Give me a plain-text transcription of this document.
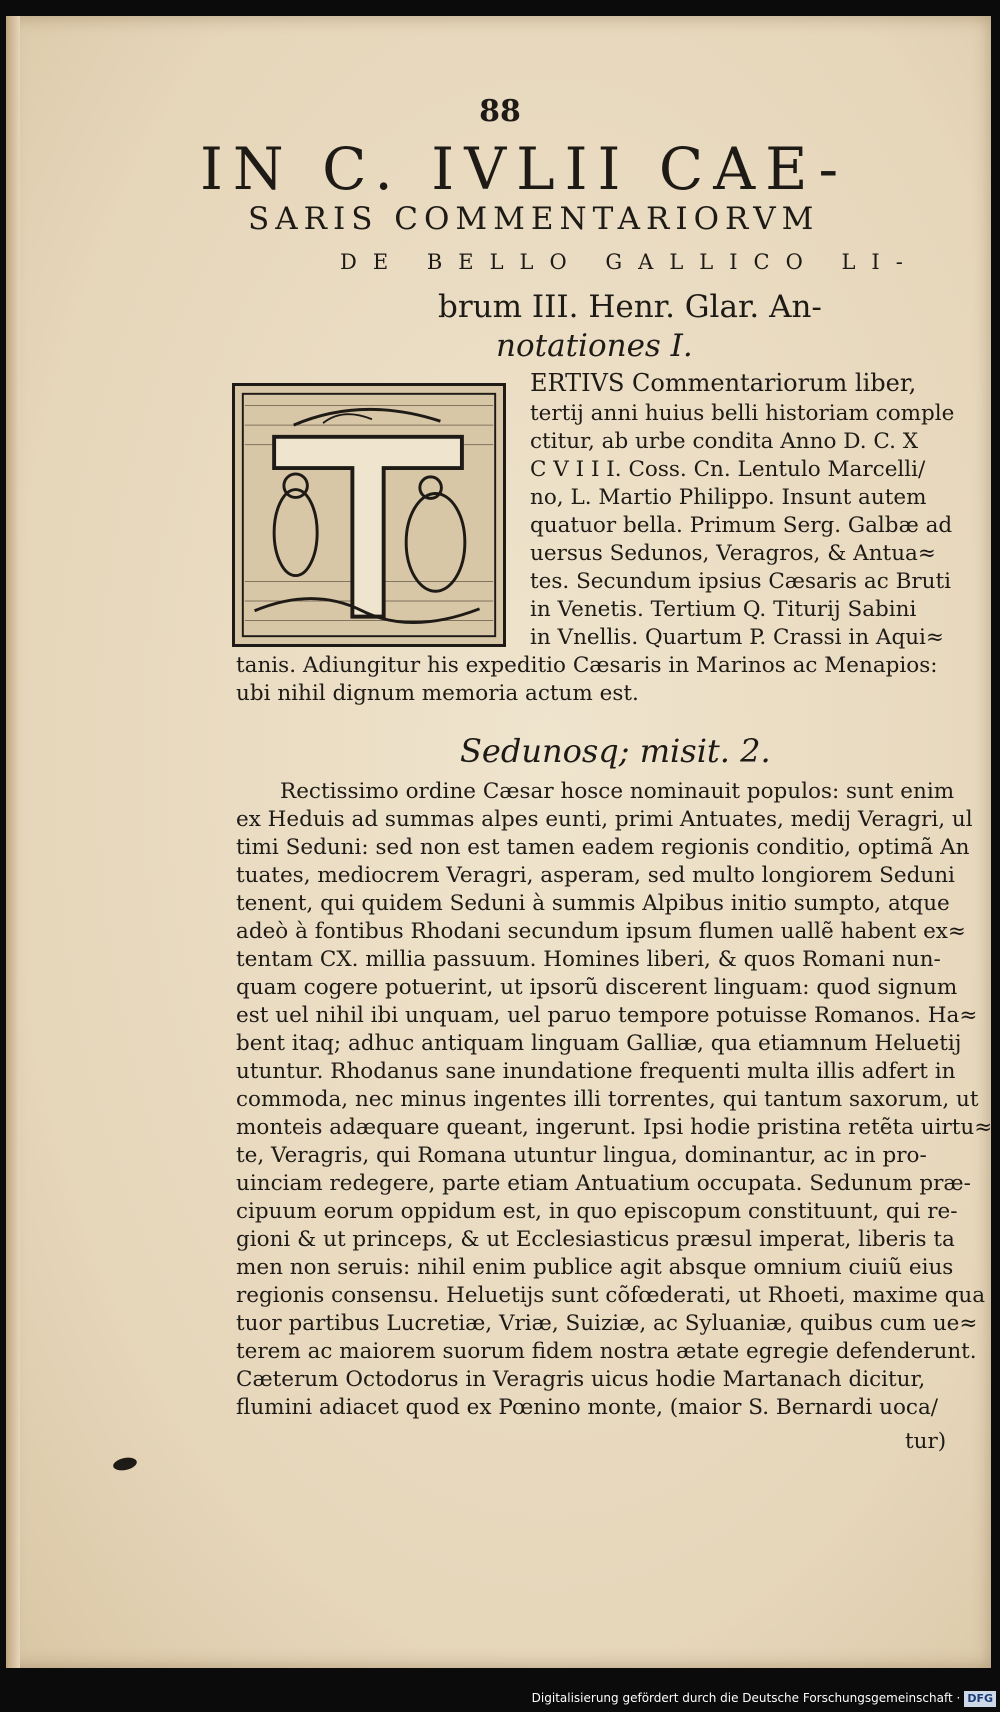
88
IN C. IVLII CAE-
SARIS COMMENTARIORVM
DE BELLO GALLICO LI-
brum III. Henr. Glar. An-
notationes I.
ERTIVS Commentariorum liber,
tertij anni huius belli historiam comple
ctitur, ab urbe condita Anno D. C. X
C V I I I. Coss. Cn. Lentulo Marcelli/
no, L. Martio Philippo. Insunt autem
quatuor bella. Primum Serg. Galbæ ad
uersus Sedunos, Veragros, & Antua≈
tes. Secundum ipsius Cæsaris ac Bruti
in Venetis. Tertium Q. Titurij Sabini
in Vnellis. Quartum P. Crassi in Aqui≈
tanis. Adiungitur his expeditio Cæsaris in Marinos ac Menapios:
ubi nihil dignum memoria actum est.
Sedunosq; misit. 2.
Rectissimo ordine Cæsar hosce nominauit populos: sunt enim
ex Heduis ad summas alpes eunti, primi Antuates, medij Veragri, ul
timi Seduni: sed non est tamen eadem regionis conditio, optimã An
tuates, mediocrem Veragri, asperam, sed multo longiorem Seduni
tenent, qui quidem Seduni à summis Alpibus initio sumpto, atque
adeò à fontibus Rhodani secundum ipsum flumen uallẽ habent ex≈
tentam CX. millia passuum. Homines liberi, & quos Romani nun-
quam cogere potuerint, ut ipsorũ discerent linguam: quod signum
est uel nihil ibi unquam, uel paruo tempore potuisse Romanos. Ha≈
bent itaq; adhuc antiquam linguam Galliæ, qua etiamnum Heluetij
utuntur. Rhodanus sane inundatione frequenti multa illis adfert in
commoda, nec minus ingentes illi torrentes, qui tantum saxorum, ut
monteis adæquare queant, ingerunt. Ipsi hodie pristina retẽta uirtu≈
te, Veragris, qui Romana utuntur lingua, dominantur, ac in pro-
uinciam redegere, parte etiam Antuatium occupata. Sedunum præ-
cipuum eorum oppidum est, in quo episcopum constituunt, qui re-
gioni & ut princeps, & ut Ecclesiasticus præsul imperat, liberis ta
men non seruis: nihil enim publice agit absque omnium ciuiũ eius
regionis consensu. Heluetijs sunt cõfœderati, ut Rhoeti, maxime qua
tuor partibus Lucretiæ, Vriæ, Suiziæ, ac Syluaniæ, quibus cum ue≈
terem ac maiorem suorum fidem nostra ætate egregie defenderunt.
Cæterum Octodorus in Veragris uicus hodie Martanach dicitur,
flumini adiacet quod ex Pœnino monte, (maior S. Bernardi uoca/
tur)
Digitalisierung gefördert durch die Deutsche Forschungsgemeinschaft · DFG
